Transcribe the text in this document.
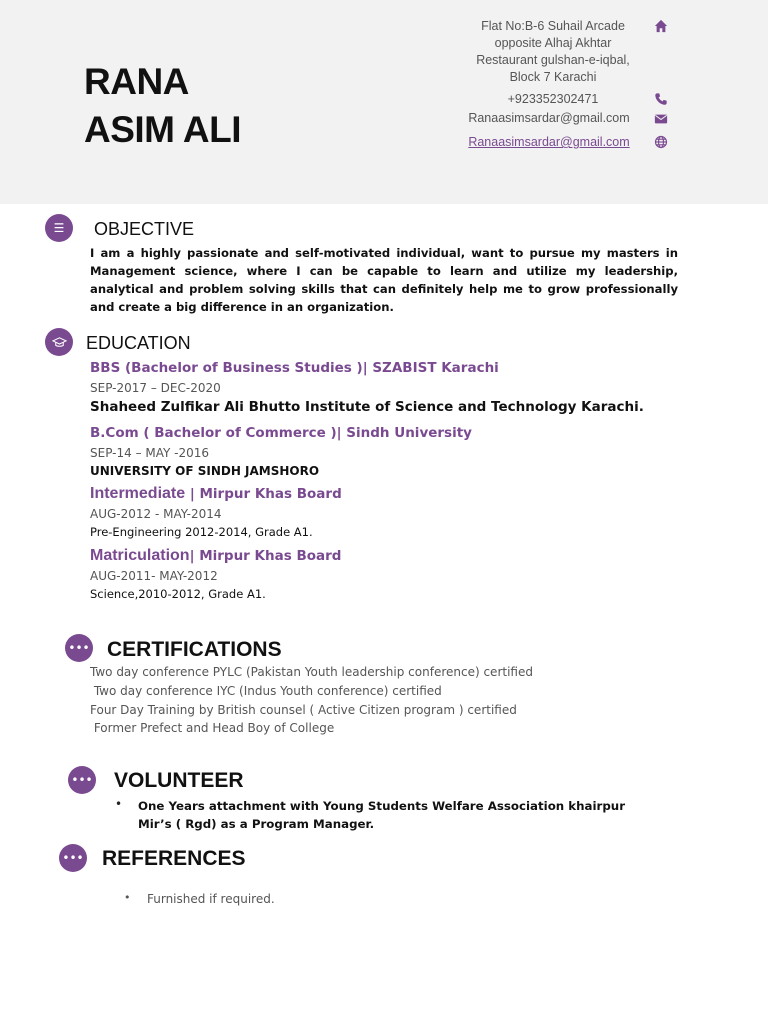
RANA
ASIM ALI
Flat No:B-6 Suhail Arcade
opposite Alhaj Akhtar
Restaurant gulshan-e-iqbal,
Block 7 Karachi
+923352302471
Ranaasimsardar@gmail.com
Ranaasimsardar@gmail.com
☰	OBJECTIVE
I am a highly passionate and self-motivated individual, want to pursue my masters in Management science, where I can be capable to learn and utilize my leadership, analytical and problem solving skills that can definitely help me to grow professionally and create a big difference in an organization.
EDUCATION
BBS (Bachelor of Business Studies )| SZABIST Karachi
SEP-2017 – DEC-2020
Shaheed Zulfikar Ali Bhutto Institute of Science and Technology Karachi.
B.Com ( Bachelor of Commerce )| Sindh University
SEP-14 – MAY -2016
UNIVERSITY OF SINDH JAMSHORO
Intermediate | Mirpur Khas Board
AUG-2012 - MAY-2014
Pre-Engineering 2012-2014, Grade A1.
Matriculation| Mirpur Khas Board
AUG-2011- MAY-2012
Science,2010-2012, Grade A1.
••• CERTIFICATIONS
Two day conference PYLC (Pakistan Youth leadership conference) certified
Two day conference IYC (Indus Youth conference) certified
Four Day Training by British counsel ( Active Citizen program ) certified
Former Prefect and Head Boy of College
••• VOLUNTEER
• One Years attachment with Young Students Welfare Association khairpur Mir’s ( Rgd) as a Program Manager.
••• REFERENCES
• Furnished if required.
